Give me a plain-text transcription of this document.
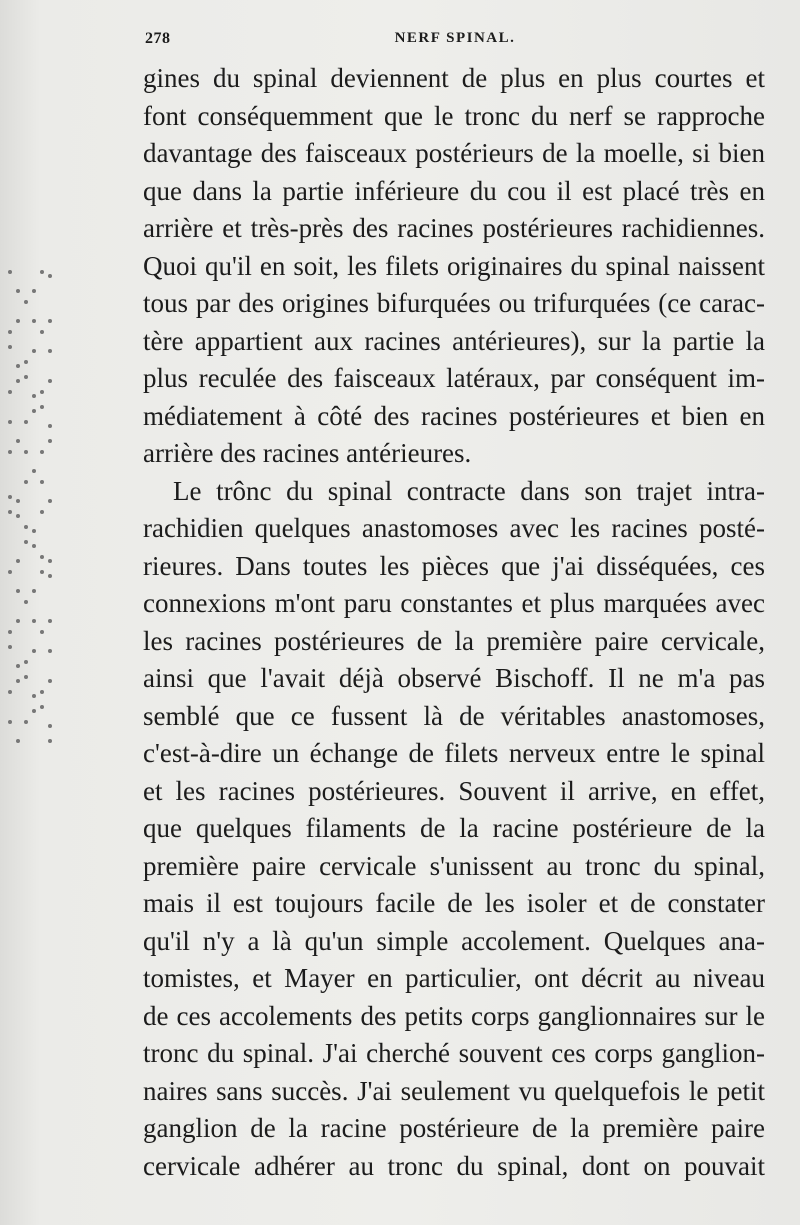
278	NERF SPINAL.
gines du spinal deviennent de plus en plus courtes et
font conséquemment que le tronc du nerf se rapproche
davantage des faisceaux postérieurs de la moelle, si bien
que dans la partie inférieure du cou il est placé très en
arrière et très-près des racines postérieures rachidiennes.
Quoi qu'il en soit, les filets originaires du spinal naissent
tous par des origines bifurquées ou trifurquées (ce carac-
tère appartient aux racines antérieures), sur la partie la
plus reculée des faisceaux latéraux, par conséquent im-
médiatement à côté des racines postérieures et bien en
arrière des racines antérieures.
Le trônc du spinal contracte dans son trajet intra-
rachidien quelques anastomoses avec les racines posté-
rieures. Dans toutes les pièces que j'ai disséquées, ces
connexions m'ont paru constantes et plus marquées avec
les racines postérieures de la première paire cervicale,
ainsi que l'avait déjà observé Bischoff. Il ne m'a pas
semblé que ce fussent là de véritables anastomoses,
c'est-à-dire un échange de filets nerveux entre le spinal
et les racines postérieures. Souvent il arrive, en effet,
que quelques filaments de la racine postérieure de la
première paire cervicale s'unissent au tronc du spinal,
mais il est toujours facile de les isoler et de constater
qu'il n'y a là qu'un simple accolement. Quelques ana-
tomistes, et Mayer en particulier, ont décrit au niveau
de ces accolements des petits corps ganglionnaires sur le
tronc du spinal. J'ai cherché souvent ces corps ganglion-
naires sans succès. J'ai seulement vu quelquefois le petit
ganglion de la racine postérieure de la première paire
cervicale adhérer au tronc du spinal, dont on pouvait
